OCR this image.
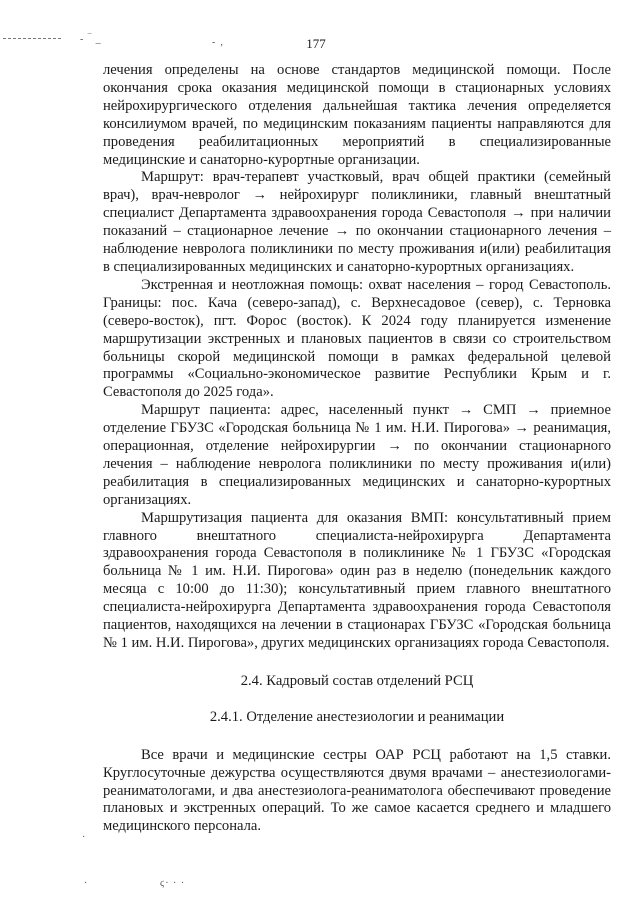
- ‾ _	- ‚
·
·	ϛ· · ·
177

лечения определены на основе стандартов медицинской помощи. После окончания срока оказания медицинской помощи в стационарных условиях нейрохирургического отделения дальнейшая тактика лечения определяется консилиумом врачей, по медицинским показаниям пациенты направляются для проведения реабилитационных мероприятий в специализированные медицинские и санаторно-курортные организации.

Маршрут: врач-терапевт участковый, врач общей практики (семейный врач), врач-невролог → нейрохирург поликлиники, главный внештатный специалист Департамента здравоохранения города Севастополя → при наличии показаний – стационарное лечение → по окончании стационарного лечения – наблюдение невролога поликлиники по месту проживания и(или) реабилитация в специализированных медицинских и санаторно-курортных организациях.

Экстренная и неотложная помощь: охват населения – город Севастополь. Границы: пос. Кача (северо-запад), с. Верхнесадовое (север), с. Терновка (северо-восток), пгт. Форос (восток). К 2024 году планируется изменение маршрутизации экстренных и плановых пациентов в связи со строительством больницы скорой медицинской помощи в рамках федеральной целевой программы «Социально-экономическое развитие Республики Крым и г. Севастополя до 2025 года».

Маршрут пациента: адрес, населенный пункт → СМП → приемное отделение ГБУЗС «Городская больница № 1 им. Н.И. Пирогова» → реанимация, операционная, отделение нейрохирургии → по окончании стационарного лечения – наблюдение невролога поликлиники по месту проживания и(или) реабилитация в специализированных медицинских и санаторно-курортных организациях.

Маршрутизация пациента для оказания ВМП: консультативный прием главного внештатного специалиста-нейрохирурга Департамента здравоохранения города Севастополя в поликлинике № 1 ГБУЗС «Городская больница № 1 им. Н.И. Пирогова» один раз в неделю (понедельник каждого месяца с 10:00 до 11:30); консультативный прием главного внештатного специалиста-нейрохирурга Департамента здравоохранения города Севастополя пациентов, находящихся на лечении в стационарах ГБУЗС «Городская больница № 1 им. Н.И. Пирогова», других медицинских организациях города Севастополя.

2.4. Кадровый состав отделений РСЦ

2.4.1. Отделение анестезиологии и реанимации

Все врачи и медицинские сестры ОАР РСЦ работают на 1,5 ставки. Круглосуточные дежурства осуществляются двумя врачами – анестезиологами-реаниматологами, и два анестезиолога-реаниматолога обеспечивают проведение плановых и экстренных операций. То же самое касается среднего и младшего медицинского персонала.
